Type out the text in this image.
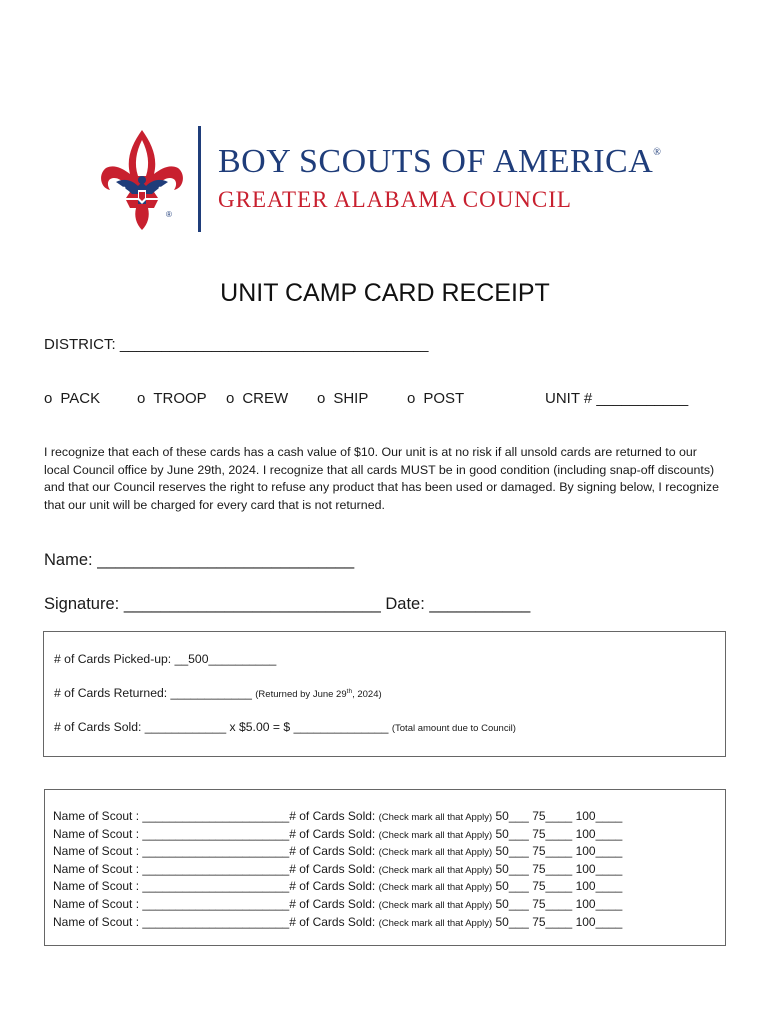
®
BOY SCOUTS OF AMERICA®
GREATER ALABAMA COUNCIL
UNIT CAMP CARD RECEIPT
DISTRICT: _____________________________________
o PACK o TROOP o CREW o SHIP	o POST	UNIT # ___________
I recognize that each of these cards has a cash value of $10. Our unit is at no risk if all unsold cards are returned to our local Council office by June 29th, 2024. I recognize that all cards MUST be in good condition (including snap-off discounts) and that our Council reserves the right to refuse any product that has been used or damaged. By signing below, I recognize that our unit will be charged for every card that is not returned.
Name: ____________________________
Signature: ____________________________ Date: ___________
# of Cards Picked-up: __500__________
# of Cards Returned: ____________ (Returned by June 29th, 2024)
# of Cards Sold: ____________ x $5.00 = $ ______________ (Total amount due to Council)
Name of Scout : ______________________# of Cards Sold: (Check mark all that Apply) 50___ 75____ 100____
Name of Scout : ______________________# of Cards Sold: (Check mark all that Apply) 50___ 75____ 100____
Name of Scout : ______________________# of Cards Sold: (Check mark all that Apply) 50___ 75____ 100____
Name of Scout : ______________________# of Cards Sold: (Check mark all that Apply) 50___ 75____ 100____
Name of Scout : ______________________# of Cards Sold: (Check mark all that Apply) 50___ 75____ 100____
Name of Scout : ______________________# of Cards Sold: (Check mark all that Apply) 50___ 75____ 100____
Name of Scout : ______________________# of Cards Sold: (Check mark all that Apply) 50___ 75____ 100____
